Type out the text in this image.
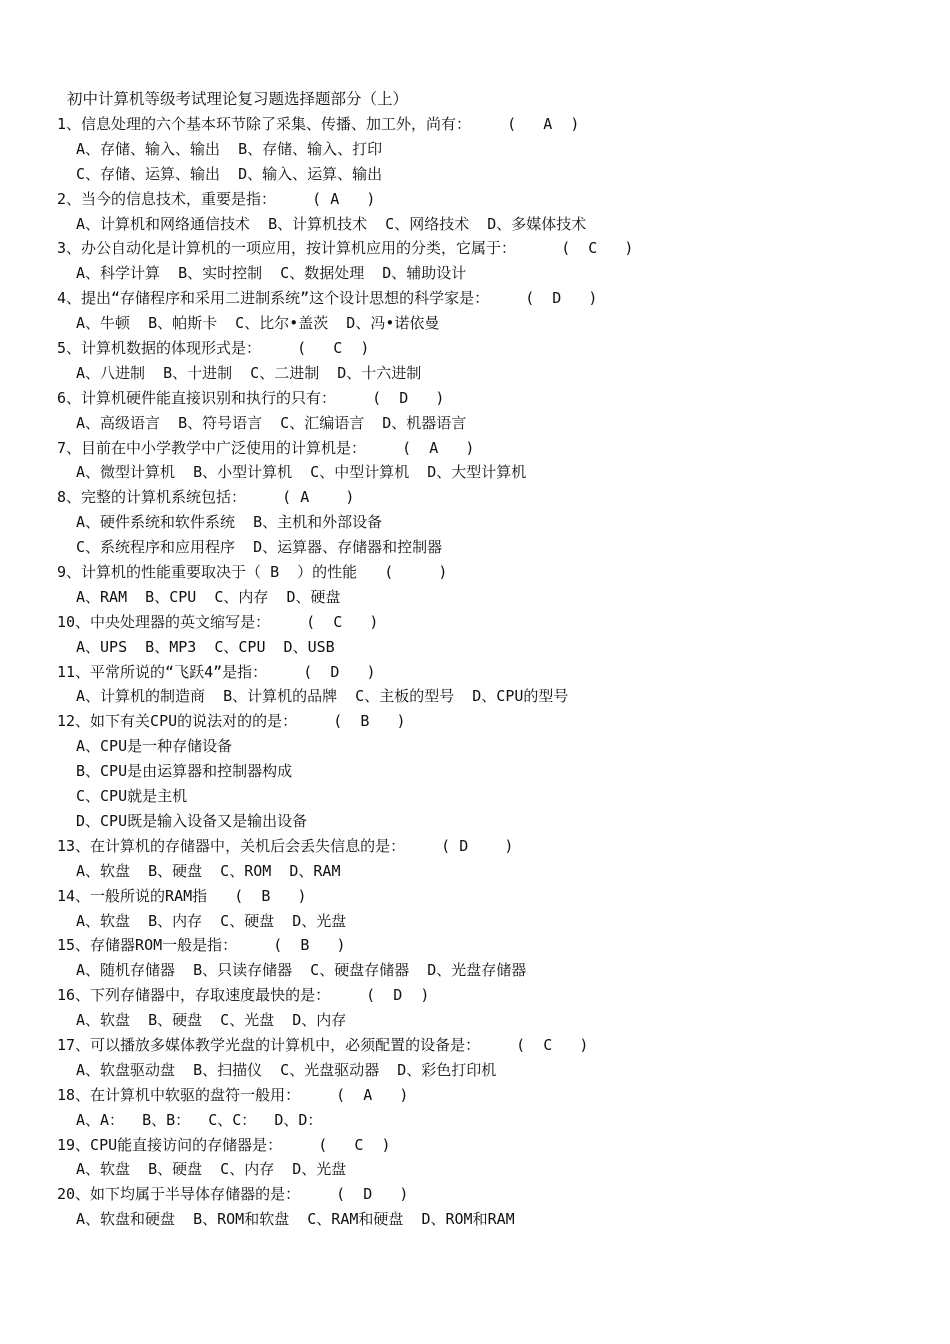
初中计算机等级考试理论复习题选择题部分（上）
1、信息处理的六个基本环节除了采集、传播、加工外，尚有：    (   A  )
A、存储、输入、输出  B、存储、输入、打印
C、存储、运算、输出  D、输入、运算、输出
2、当今的信息技术，重要是指：    ( A   )
A、计算机和网络通信技术  B、计算机技术  C、网络技术  D、多媒体技术
3、办公自动化是计算机的一项应用，按计算机应用的分类，它属于：     (  C   )
A、科学计算  B、实时控制  C、数据处理  D、辅助设计
4、提出“存储程序和采用二进制系统”这个设计思想的科学家是：    (  D   )
A、牛顿  B、帕斯卡  C、比尔•盖茨  D、冯•诺依曼
5、计算机数据的体现形式是：    (   C  )
A、八进制  B、十进制  C、二进制  D、十六进制
6、计算机硬件能直接识别和执行的只有：    (  D   )
A、高级语言  B、符号语言  C、汇编语言  D、机器语言
7、目前在中小学教学中广泛使用的计算机是：    (  A   )
A、微型计算机  B、小型计算机  C、中型计算机  D、大型计算机
8、完整的计算机系统包括：    ( A    )
A、硬件系统和软件系统  B、主机和外部设备
C、系统程序和应用程序  D、运算器、存储器和控制器
9、计算机的性能重要取决于（ B  ）的性能   (     )
A、RAM  B、CPU  C、内存  D、硬盘
10、中央处理器的英文缩写是：    (  C   )
A、UPS  B、MP3  C、CPU  D、USB
11、平常所说的“飞跃4”是指：    (  D   )
A、计算机的制造商  B、计算机的品牌  C、主板的型号  D、CPU的型号
12、如下有关CPU的说法对的的是：    (  B   )
A、CPU是一种存储设备
B、CPU是由运算器和控制器构成
C、CPU就是主机
D、CPU既是输入设备又是输出设备
13、在计算机的存储器中，关机后会丢失信息的是：    ( D    )
A、软盘  B、硬盘  C、ROM  D、RAM
14、一般所说的RAM指   (  B   )
A、软盘  B、内存  C、硬盘  D、光盘
15、存储器ROM一般是指：    (  B   )
A、随机存储器  B、只读存储器  C、硬盘存储器  D、光盘存储器
16、下列存储器中，存取速度最快的是：    (  D  )
A、软盘  B、硬盘  C、光盘  D、内存
17、可以播放多媒体教学光盘的计算机中，必须配置的设备是：    (  C   )
A、软盘驱动盘  B、扫描仪  C、光盘驱动器  D、彩色打印机
18、在计算机中软驱的盘符一般用：    (  A   )
A、A：  B、B：  C、C：  D、D：
19、CPU能直接访问的存储器是：    (   C  )
A、软盘  B、硬盘  C、内存  D、光盘
20、如下均属于半导体存储器的是：    (  D   )
A、软盘和硬盘  B、ROM和软盘  C、RAM和硬盘  D、ROM和RAM
